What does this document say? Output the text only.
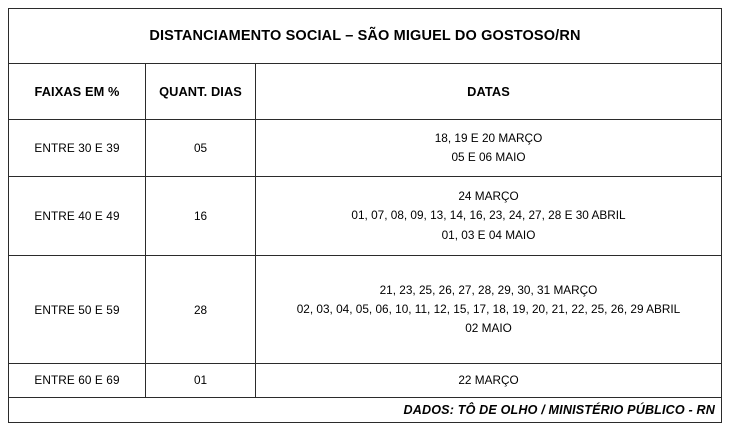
DISTANCIAMENTO SOCIAL – SÃO MIGUEL DO GOSTOSO/RN		
FAIXAS EM %	QUANT. DIAS	DATAS
ENTRE 30 E 39	05	18, 19 E 20 MARÇO
05 E 06 MAIO

ENTRE 40 E 49	16	24 MARÇO
01, 07, 08, 09, 13, 14, 16, 23, 24, 27, 28 E 30 ABRIL
01, 03 E 04 MAIO

ENTRE 50 E 59	28	21, 23, 25, 26, 27, 28, 29, 30, 31 MARÇO
02, 03, 04, 05, 06, 10, 11, 12, 15, 17, 18, 19, 20, 21, 22, 25, 26, 29 ABRIL
02 MAIO

ENTRE 60 E 69	01	22 MARÇO

DADOS: TÔ DE OLHO / MINISTÉRIO PÚBLICO - RN		
